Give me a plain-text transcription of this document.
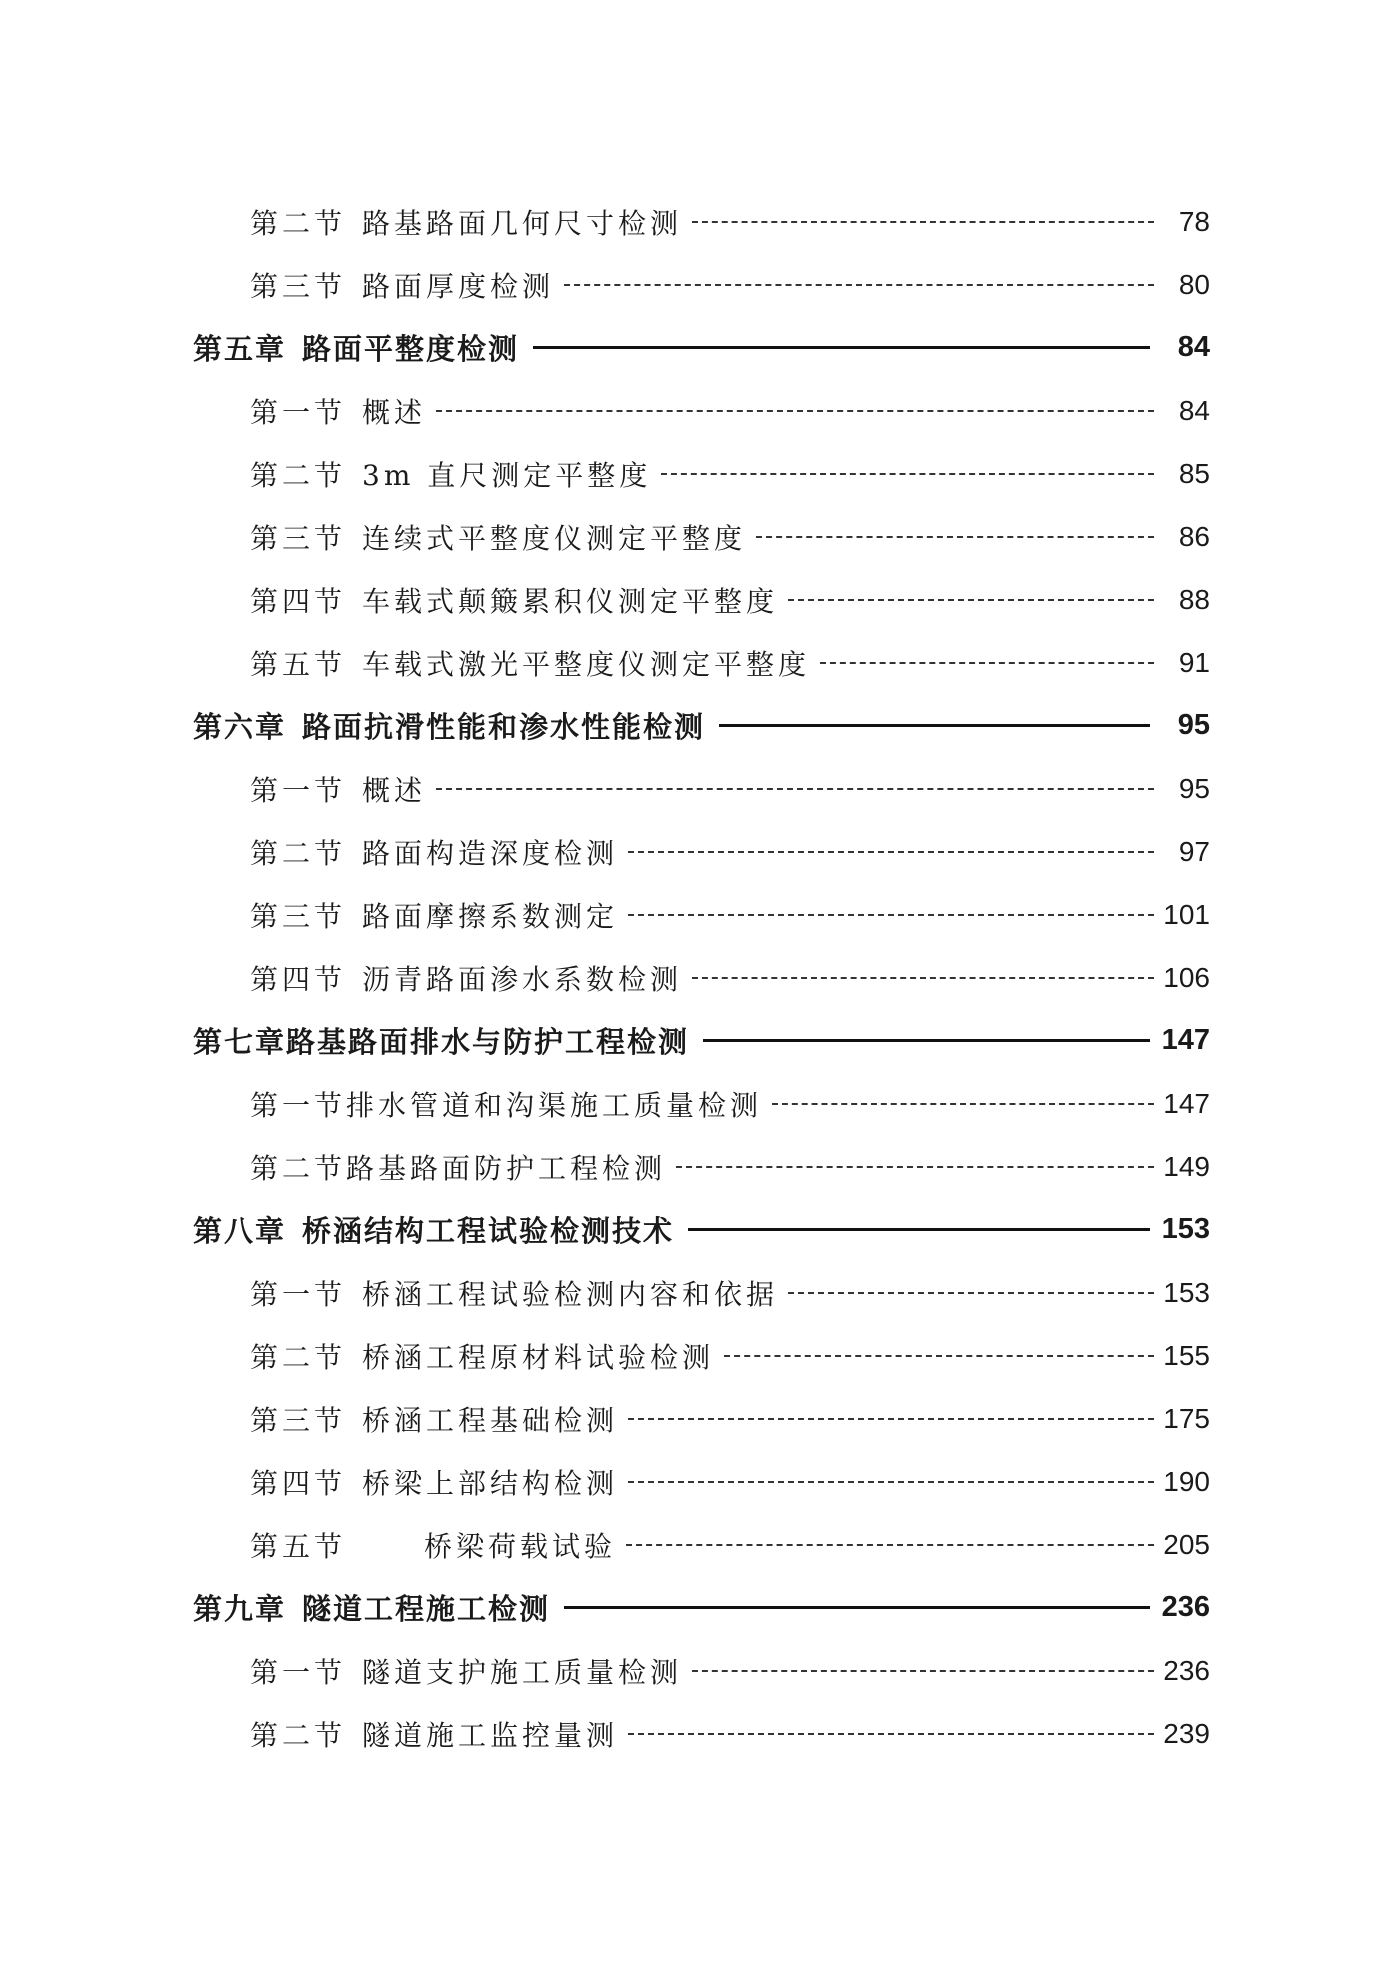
第二节 路基路面几何尺寸检测	78
第三节 路面厚度检测	80
第五章 路面平整度检测	84
第一节 概述	84
第二节 3m 直尺测定平整度	85
第三节 连续式平整度仪测定平整度	86
第四节 车载式颠簸累积仪测定平整度	88
第五节 车载式激光平整度仪测定平整度	91
第六章 路面抗滑性能和渗水性能检测	95
第一节 概述	95
第二节 路面构造深度检测	97
第三节 路面摩擦系数测定	101
第四节 沥青路面渗水系数检测	106
第七章 路基路面排水与防护工程检测	147
第一节 排水管道和沟渠施工质量检测	147
第二节 路基路面防护工程检测	149
第八章 桥涵结构工程试验检测技术	153
第一节 桥涵工程试验检测内容和依据	153
第二节 桥涵工程原材料试验检测	155
第三节 桥涵工程基础检测	175
第四节 桥梁上部结构检测	190
第五节	桥梁荷载试验	205
第九章 隧道工程施工检测	236
第一节 隧道支护施工质量检测	236
第二节 隧道施工监控量测	239
